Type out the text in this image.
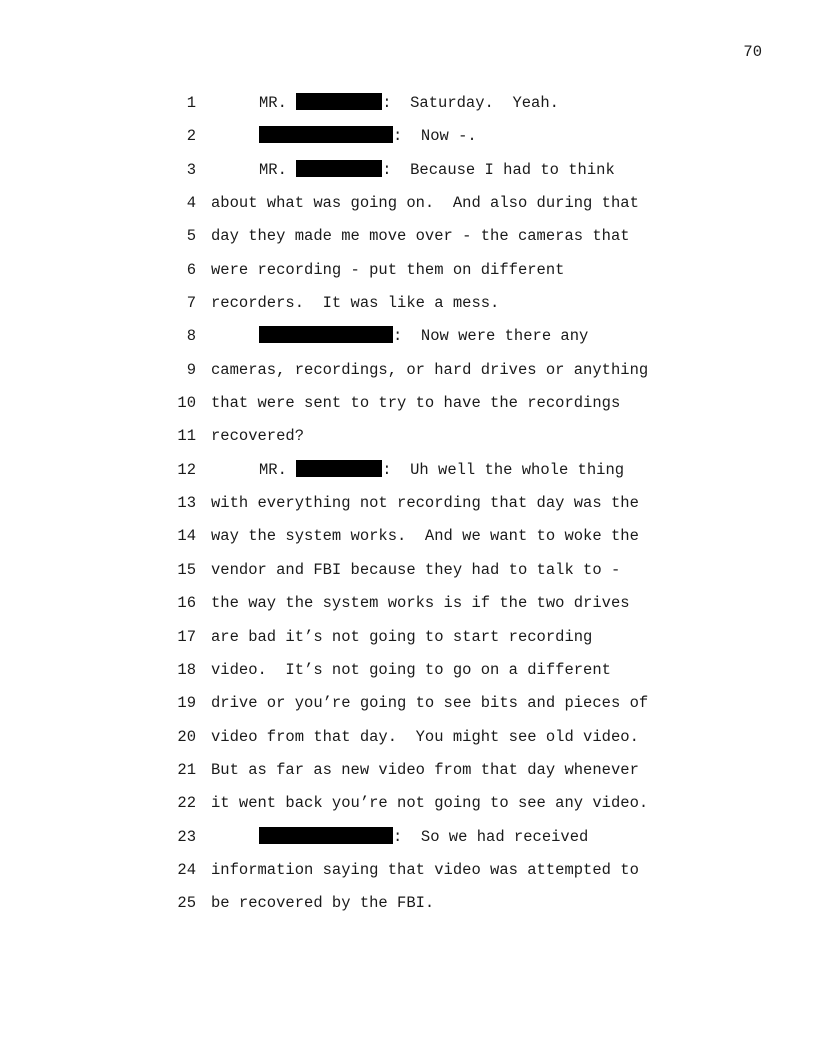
70
1	MR.	:  Saturday.  Yeah.
2	:  Now -.
3	MR.	:  Because I had to think
4 about what was going on.  And also during that
5 day they made me move over - the cameras that
6 were recording - put them on different
7 recorders.  It was like a mess.
8	:  Now were there any
9 cameras, recordings, or hard drives or anything
10 that were sent to try to have the recordings
11 recovered?
12	MR.	:  Uh well the whole thing
13 with everything not recording that day was the
14 way the system works.  And we want to woke the
15 vendor and FBI because they had to talk to -
16 the way the system works is if the two drives
17 are bad it’s not going to start recording
18 video.  It’s not going to go on a different
19 drive or you’re going to see bits and pieces of
20 video from that day.  You might see old video.
21 But as far as new video from that day whenever
22 it went back you’re not going to see any video.
23	:  So we had received
24 information saying that video was attempted to
25 be recovered by the FBI.
